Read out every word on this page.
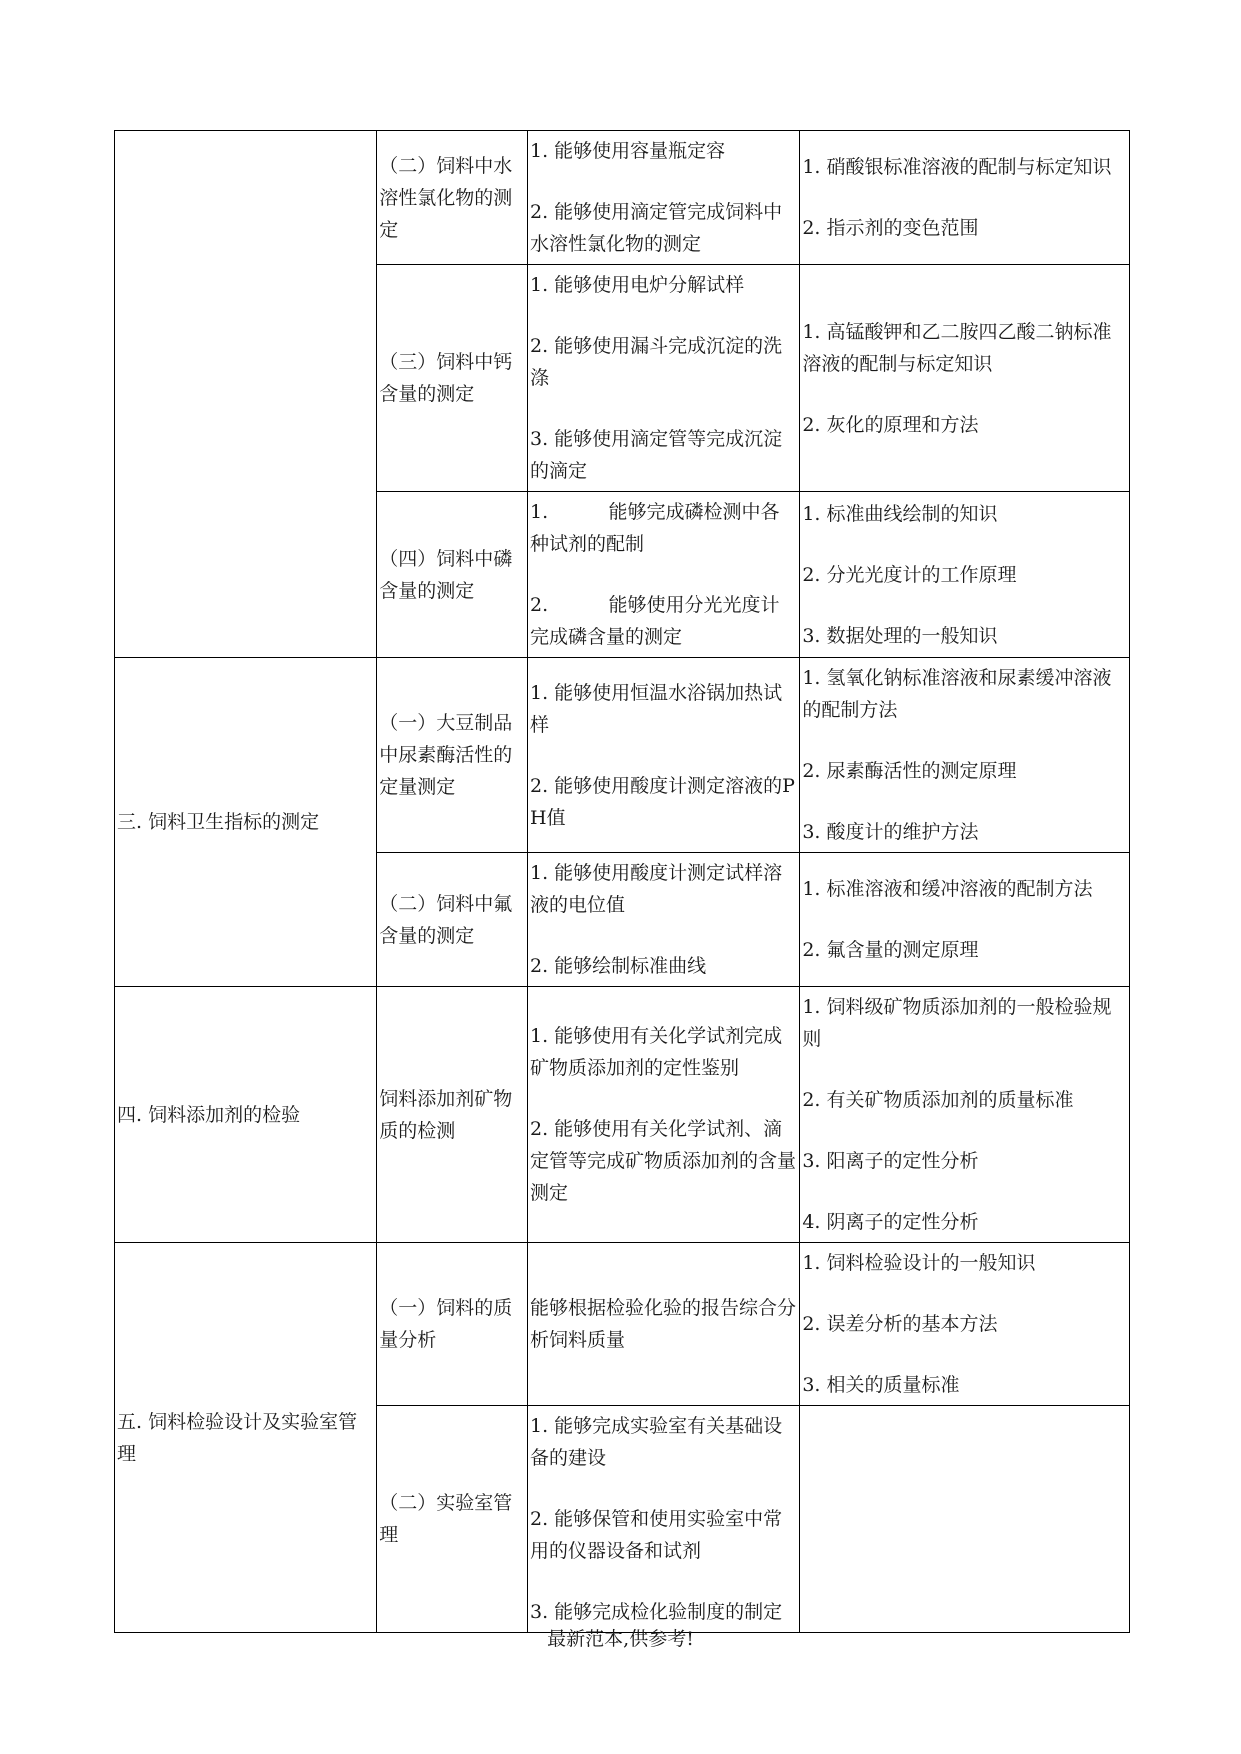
	（二）饲料中水溶性氯化物的测定	1. 能够使用容量瓶定容
2. 能够使用滴定管完成饲料中水溶性氯化物的测定	1. 硝酸银标准溶液的配制与标定知识
2. 指示剂的变色范围

	（三）饲料中钙含量的测定	1. 能够使用电炉分解试样
2. 能够使用漏斗完成沉淀的洗涤
3. 能够使用滴定管等完成沉淀的滴定	1. 高锰酸钾和乙二胺四乙酸二钠标准溶液的配制与标定知识
2. 灰化的原理和方法

	（四）饲料中磷含量的测定	1.          能够完成磷检测中各种试剂的配制
2.          能够使用分光光度计完成磷含量的测定	1. 标准曲线绘制的知识
2. 分光光度计的工作原理
3. 数据处理的一般知识

三. 饲料卫生指标的测定	（一）大豆制品中尿素酶活性的定量测定	1. 能够使用恒温水浴锅加热试样
2. 能够使用酸度计测定溶液的PH值	1. 氢氧化钠标准溶液和尿素缓冲溶液的配制方法
2. 尿素酶活性的测定原理
3. 酸度计的维护方法

	（二）饲料中氟含量的测定	1. 能够使用酸度计测定试样溶液的电位值
2. 能够绘制标准曲线	1. 标准溶液和缓冲溶液的配制方法
2. 氟含量的测定原理

四. 饲料添加剂的检验	饲料添加剂矿物质的检测	1. 能够使用有关化学试剂完成矿物质添加剂的定性鉴别
2. 能够使用有关化学试剂、滴定管等完成矿物质添加剂的含量测定	1. 饲料级矿物质添加剂的一般检验规则
2. 有关矿物质添加剂的质量标准
3. 阳离子的定性分析
4. 阴离子的定性分析

五. 饲料检验设计及实验室管理	（一）饲料的质量分析	能够根据检验化验的报告综合分析饲料质量	1. 饲料检验设计的一般知识
2. 误差分析的基本方法
3. 相关的质量标准

	（二）实验室管理	1. 能够完成实验室有关基础设备的建设
2. 能够保管和使用实验室中常用的仪器设备和试剂
3. 能够完成检化验制度的制定	

最新范本,供参考!
